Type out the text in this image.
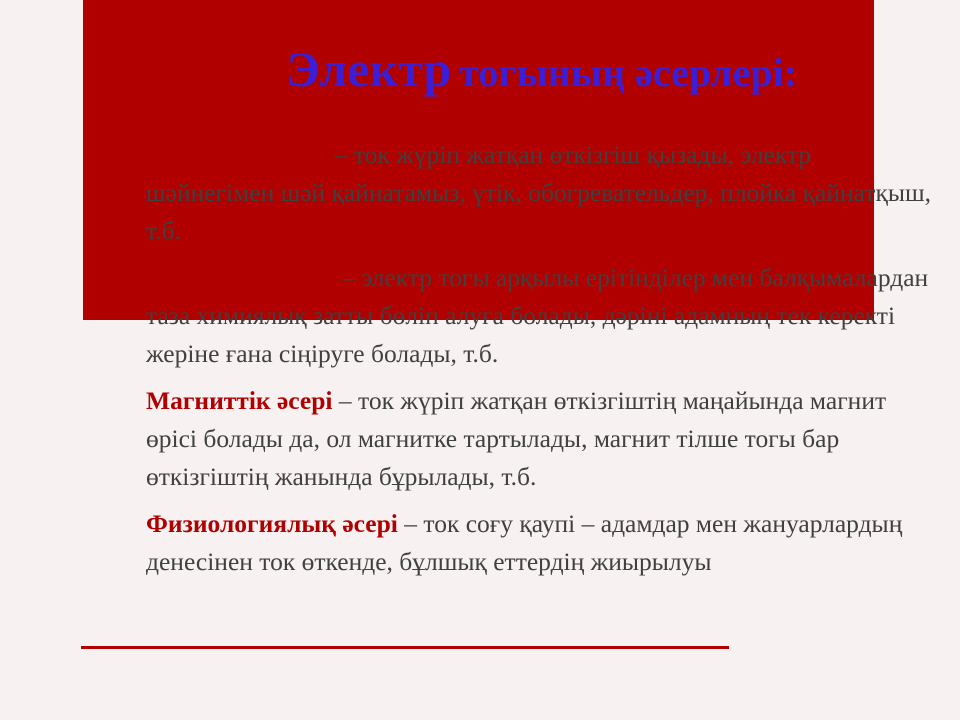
Электр тогының әсерлері:

Жылулық әсері – ток жүріп жатқан өткізгіш қызады, электр шәйнегімен шәй қайнатамыз, үтік, обогревательдер, плойка қайнатқыш, т.б.

Химиялық әсері – электр тогы арқылы ерітінділер мен балқымалардан таза химиялық затты бөліп алуға болады, дәріні адамның тек керекті жеріне ғана сіңіруге болады, т.б.

Магниттік әсері – ток жүріп жатқан өткізгіштің маңайында магнит өрісі болады да, ол магнитке тартылады, магнит тілше тогы бар өткізгіштің жанында бұрылады, т.б.

Физиологиялық әсері – ток соғу қаупі – адамдар мен жануарлардың денесінен ток өткенде, бұлшық еттердің жиырылуы
